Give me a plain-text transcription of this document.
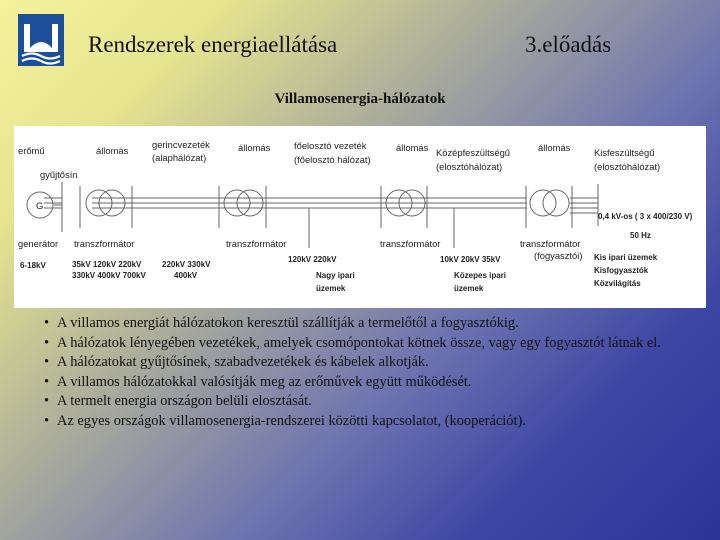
Rendszerek energiaellátása	3.előadás
Villamosenergia-hálózatok
erőmű
gyűjtősín
G
generátor
6-18kV
állomás
transzformátor
35kV 120kV 220kV
330kV 400kV 700kV
gerincvezeték
(alaphálózat)
220kV 330kV
400kV
állomás
transzformátor
főelosztó vezeték
(főelosztó hálózat)
120kV 220kV
Nagy ipari
üzemek
állomás
transzformátor
Középfeszültségű
(elosztóhálózat)
10kV 20kV 35kV
Közepes ipari
üzemek
állomás
transzformátor
(fogyasztói)
Kisfeszültségű
(elosztóhálózat)
0,4 kV-os ( 3 x 400/230 V)
50 Hz
Kis ipari üzemek
Kisfogyasztók
Közvilágítás
• A villamos energiát hálózatokon keresztül szállítják a termelőtől a fogyasztókig.
• A hálózatok lényegében vezetékek, amelyek csomópontokat kötnek össze, vagy egy fogyasztót látnak el.
• A hálózatokat gyűjtősínek, szabadvezetékek és kábelek alkotják.
• A villamos hálózatokkal valósítják meg az erőművek együtt működését.
• A termelt energia országon belüli elosztását.
• Az egyes országok villamosenergia-rendszerei közötti kapcsolatot, (kooperációt).
